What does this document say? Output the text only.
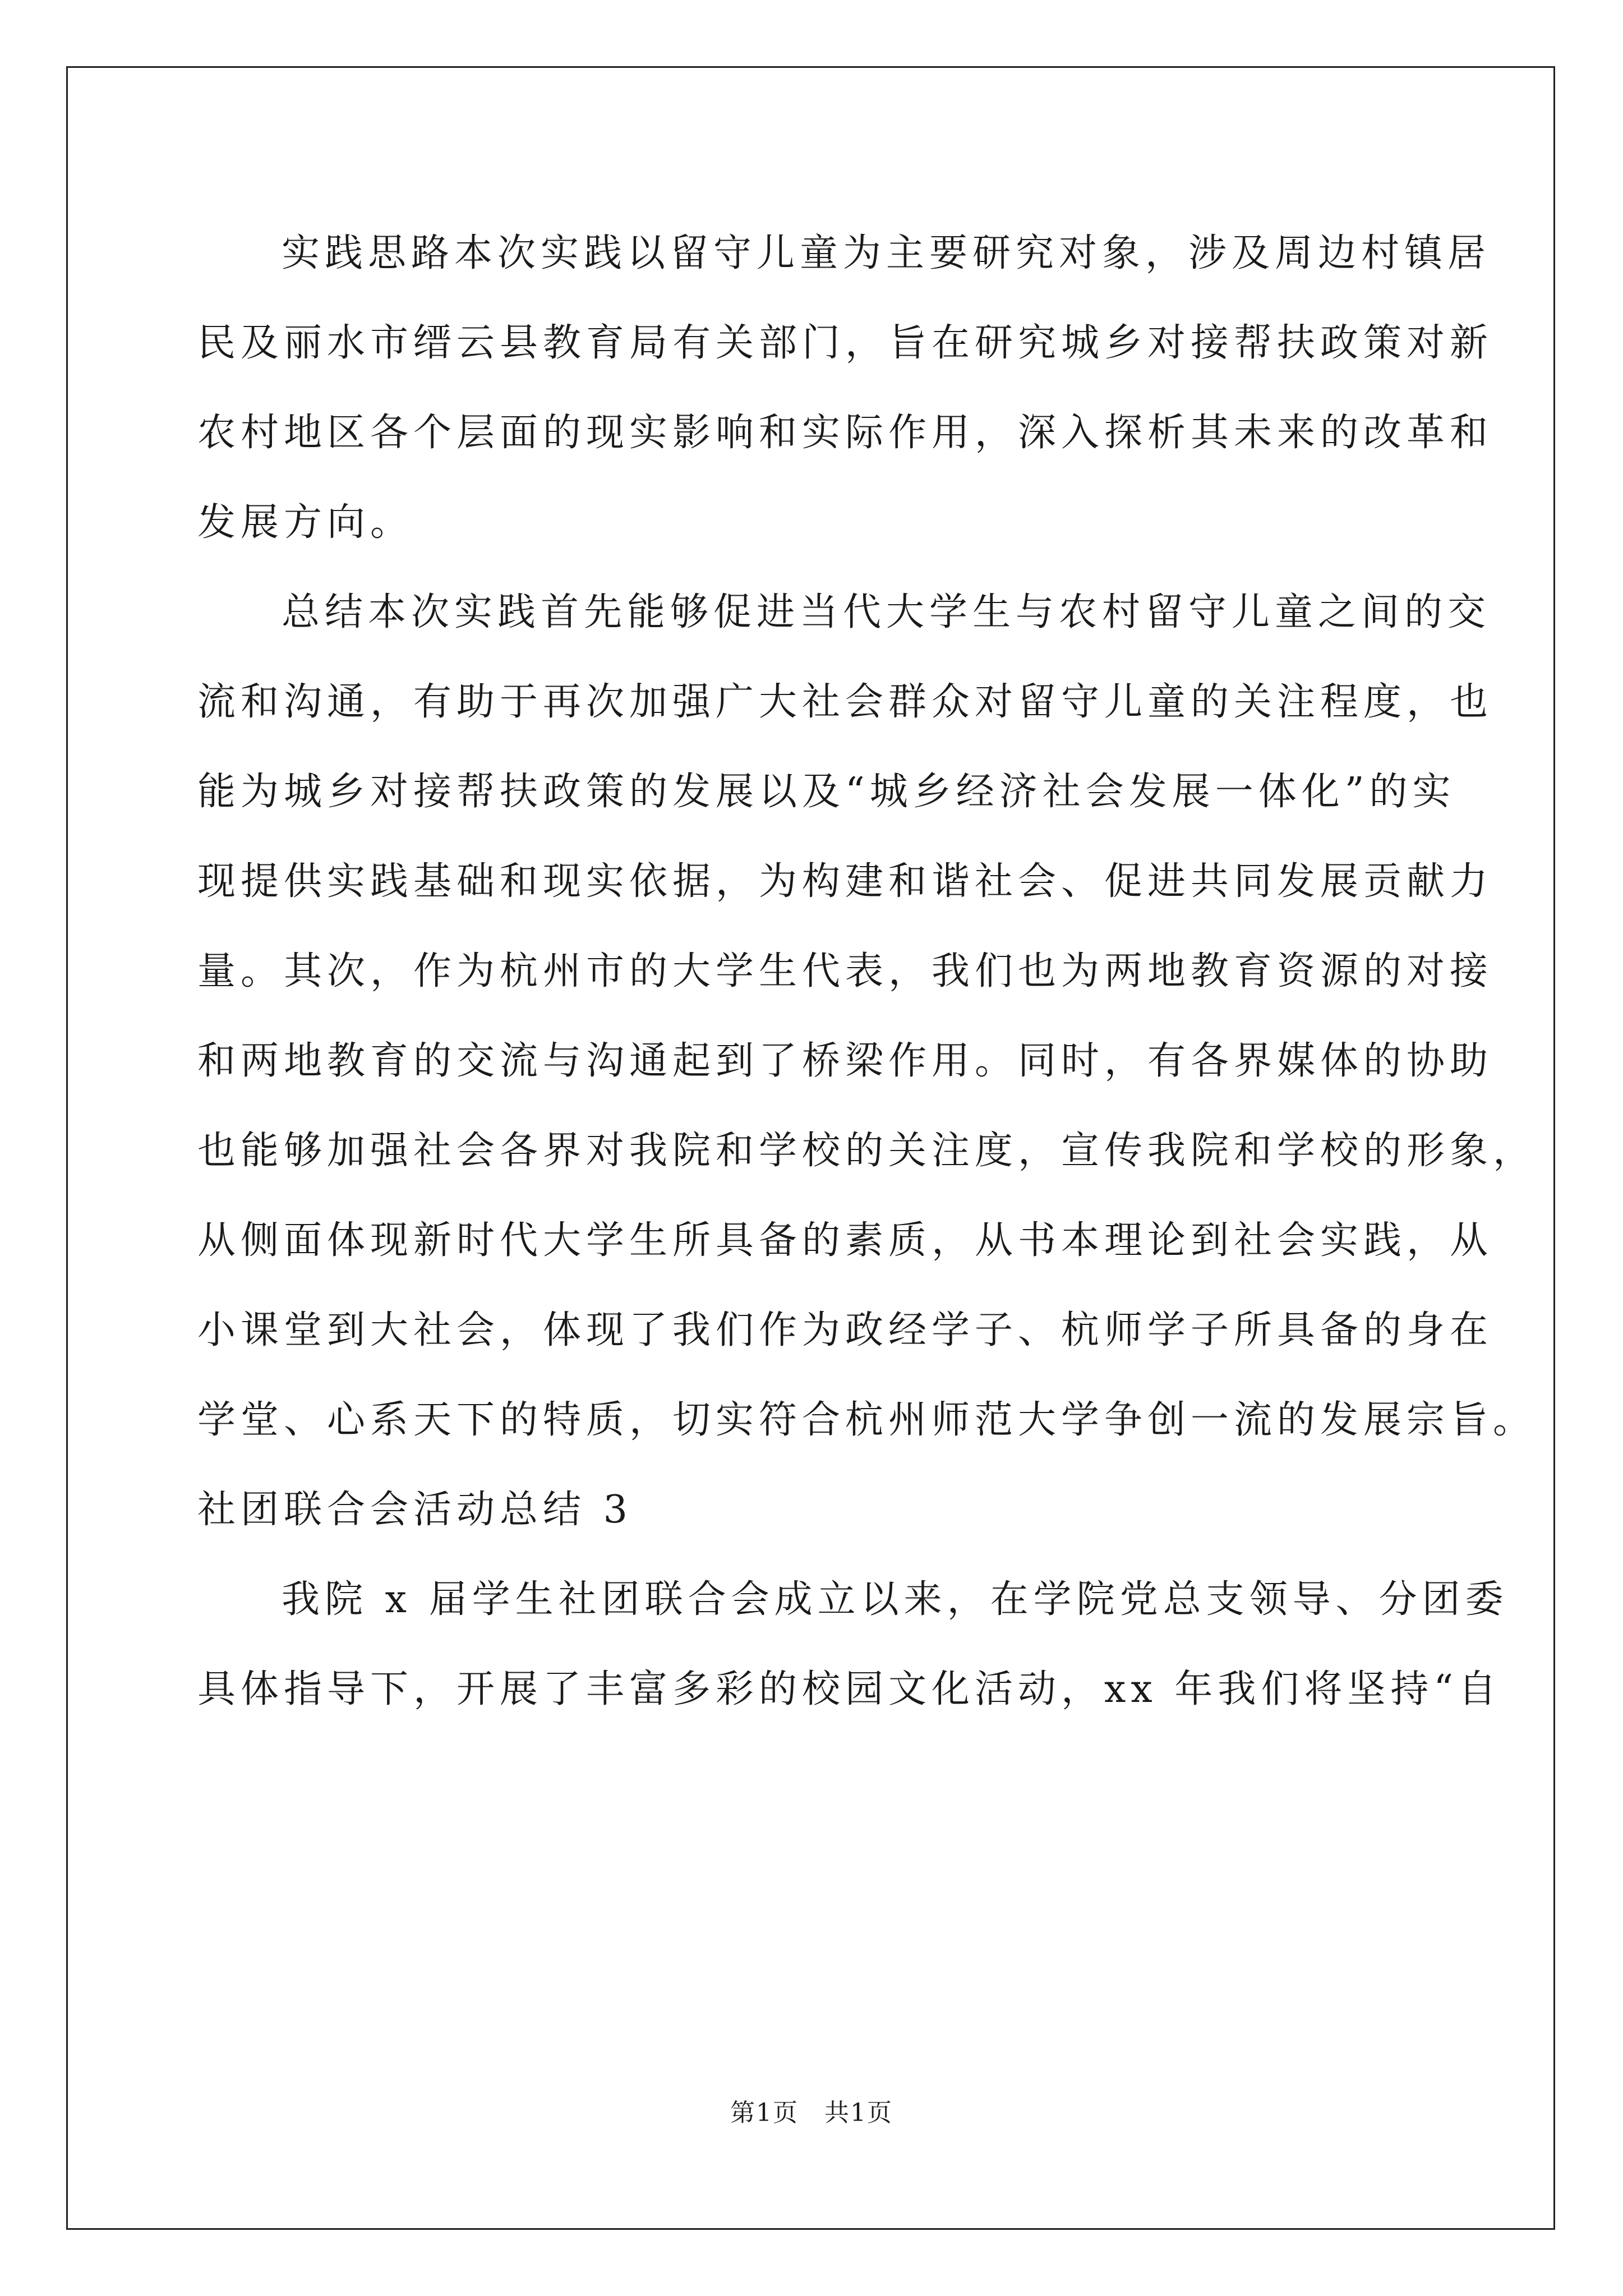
实践思路本次实践以留守儿童为主要研究对象，涉及周边村镇居
民及丽水市缙云县教育局有关部门，旨在研究城乡对接帮扶政策对新
农村地区各个层面的现实影响和实际作用，深入探析其未来的改革和
发展方向。
总结本次实践首先能够促进当代大学生与农村留守儿童之间的交
流和沟通，有助于再次加强广大社会群众对留守儿童的关注程度，也
能为城乡对接帮扶政策的发展以及“城乡经济社会发展一体化”的实
现提供实践基础和现实依据，为构建和谐社会、促进共同发展贡献力
量。其次，作为杭州市的大学生代表，我们也为两地教育资源的对接
和两地教育的交流与沟通起到了桥梁作用。同时，有各界媒体的协助
也能够加强社会各界对我院和学校的关注度，宣传我院和学校的形象，
从侧面体现新时代大学生所具备的素质，从书本理论到社会实践，从
小课堂到大社会，体现了我们作为政经学子、杭师学子所具备的身在
学堂、心系天下的特质，切实符合杭州师范大学争创一流的发展宗旨。
社团联合会活动总结 3
我院 x 届学生社团联合会成立以来，在学院党总支领导、分团委
具体指导下，开展了丰富多彩的校园文化活动，xx 年我们将坚持“自
第1页　共1页
